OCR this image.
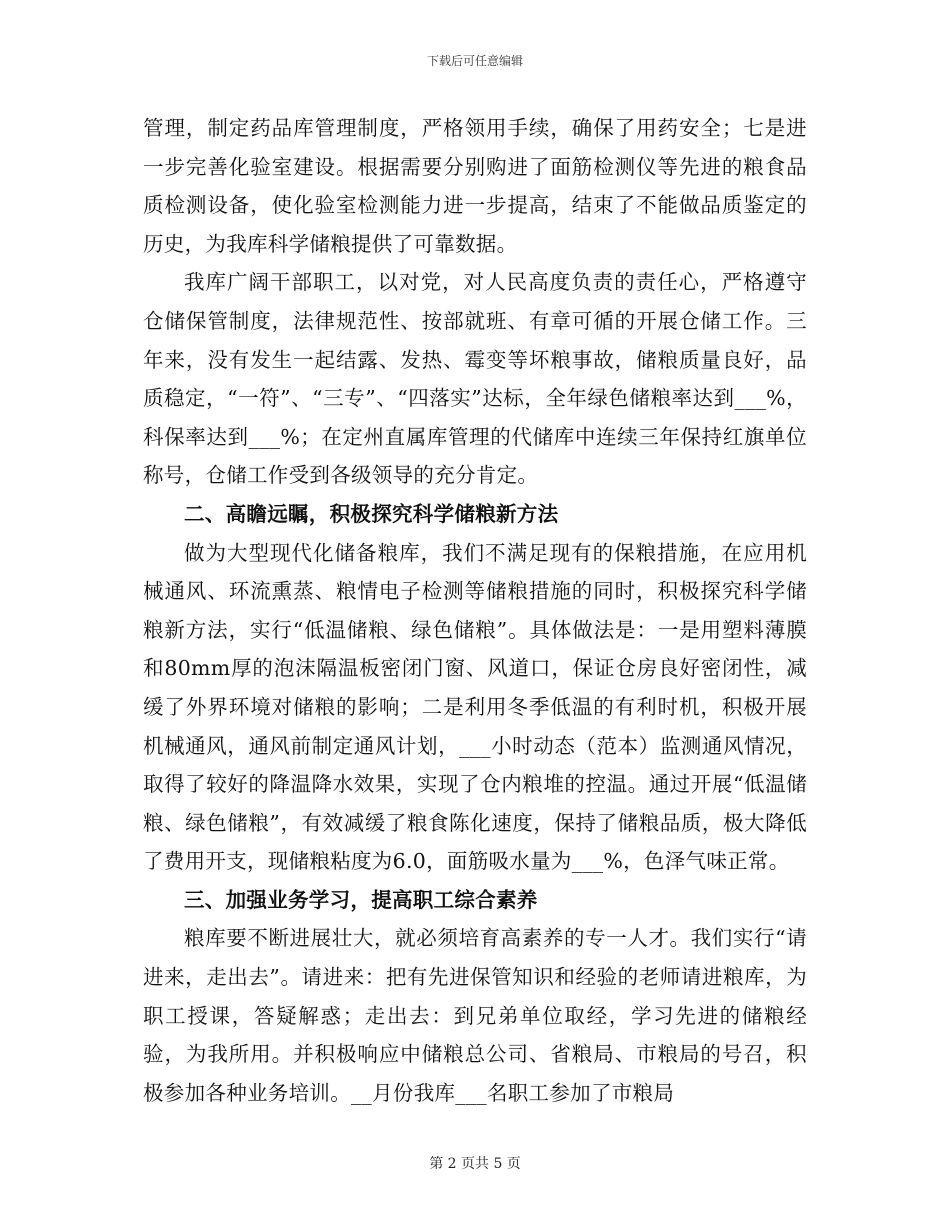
下载后可任意编辑

管理，制定药品库管理制度，严格领用手续，确保了用药安全；七是进一步完善化验室建设。根据需要分别购进了面筋检测仪等先进的粮食品质检测设备，使化验室检测能力进一步提高，结束了不能做品质鉴定的历史，为我库科学储粮提供了可靠数据。

我库广阔干部职工，以对党，对人民高度负责的责任心，严格遵守仓储保管制度，法律规范性、按部就班、有章可循的开展仓储工作。三年来，没有发生一起结露、发热、霉变等坏粮事故，储粮质量良好，品质稳定，“一符”、“三专”、“四落实”达标，全年绿色储粮率达到___%，科保率达到___%；在定州直属库管理的代储库中连续三年保持红旗单位称号，仓储工作受到各级领导的充分肯定。

二、高瞻远瞩，积极探究科学储粮新方法

做为大型现代化储备粮库，我们不满足现有的保粮措施，在应用机械通风、环流熏蒸、粮情电子检测等储粮措施的同时，积极探究科学储粮新方法，实行“低温储粮、绿色储粮”。具体做法是：一是用塑料薄膜和80mm厚的泡沫隔温板密闭门窗、风道口，保证仓房良好密闭性，减缓了外界环境对储粮的影响；二是利用冬季低温的有利时机，积极开展机械通风，通风前制定通风计划，___小时动态（范本）监测通风情况，取得了较好的降温降水效果，实现了仓内粮堆的控温。通过开展“低温储粮、绿色储粮”，有效减缓了粮食陈化速度，保持了储粮品质，极大降低了费用开支，现储粮粘度为6.0，面筋吸水量为___%，色泽气味正常。

三、加强业务学习，提高职工综合素养

粮库要不断进展壮大，就必须培育高素养的专一人才。我们实行“请进来，走出去”。请进来：把有先进保管知识和经验的老师请进粮库，为职工授课，答疑解惑；走出去：到兄弟单位取经，学习先进的储粮经验，为我所用。并积极响应中储粮总公司、省粮局、市粮局的号召，积极参加各种业务培训。__月份我库___名职工参加了市粮局

第 2 页共 5 页
